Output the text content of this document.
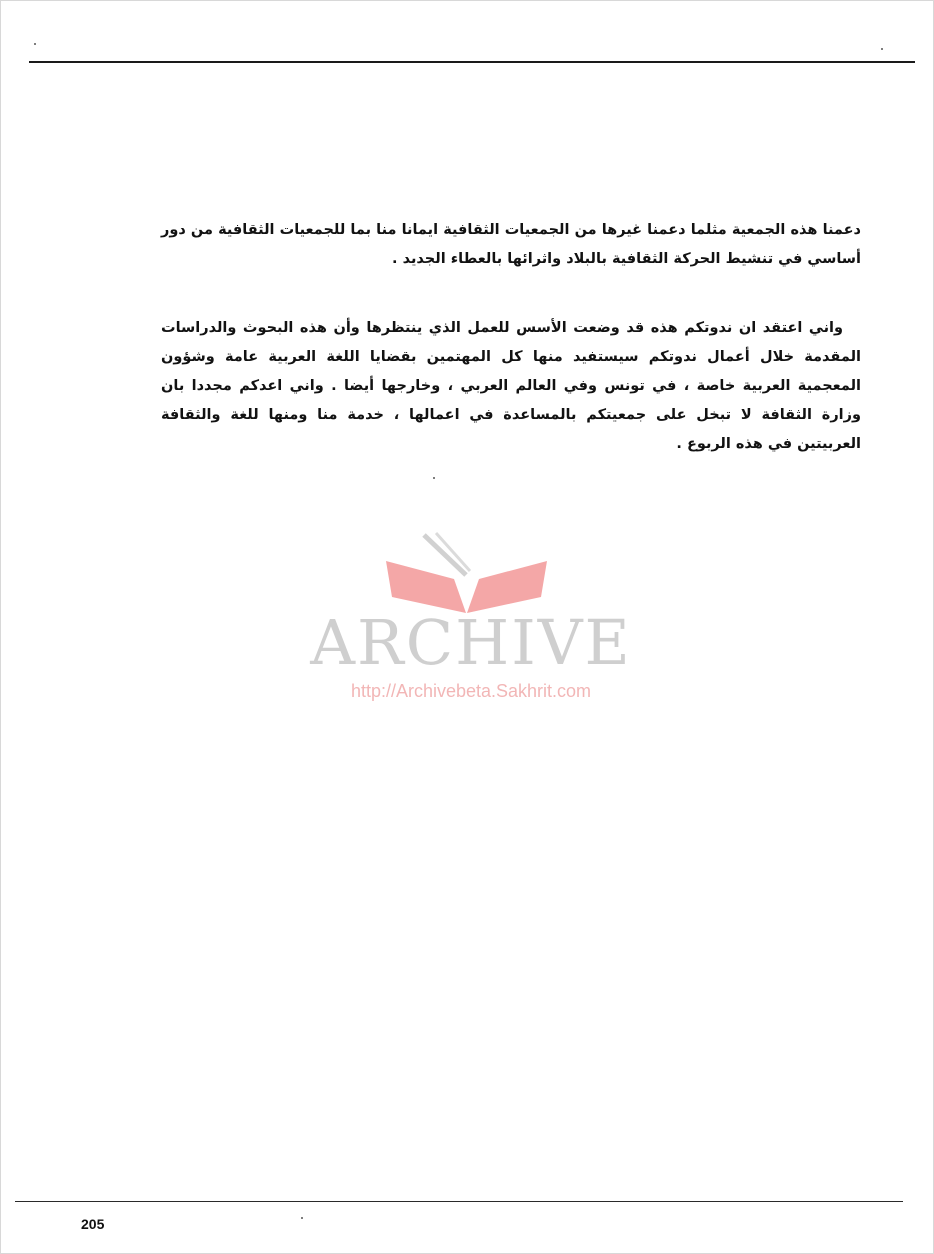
دعمنا هذه الجمعية مثلما دعمنا غيرها من الجمعيات الثقافية ايمانا منا بما للجمعيات الثقافية من دور أساسي في تنشيط الحركة الثقافية بالبلاد واثرائها بالعطاء الجديد .

واني اعتقد ان ندوتكم هذه قد وضعت الأسس للعمل الذي ينتظرها وأن هذه البحوث والدراسات المقدمة خلال أعمال ندوتكم سيستفيد منها كل المهتمين بقضايا اللغة العربية عامة وشؤون المعجمية العربية خاصة ، في تونس وفي العالم العربي ، وخارجها أيضا . واني اعدكم مجددا بان وزارة الثقافة لا تبخل على جمعيتكم بالمساعدة في اعمالها ، خدمة منا ومنها للغة والثقافة العربيتين في هذه الربوع .

ARCHIVE
http://Archivebeta.Sakhrit.com
205
